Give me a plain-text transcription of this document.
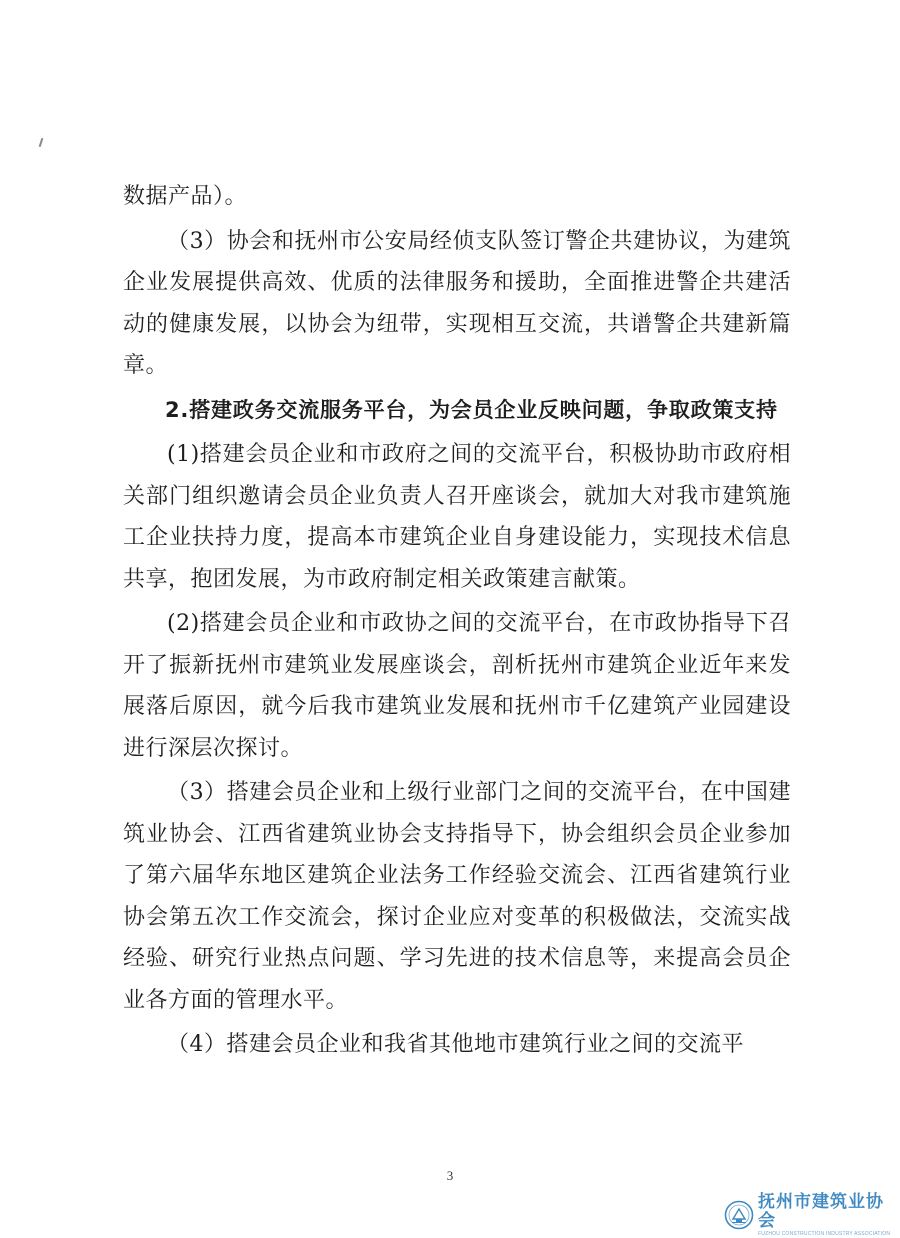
数据产品）。

（3）协会和抚州市公安局经侦支队签订警企共建协议，为建筑企业发展提供高效、优质的法律服务和援助，全面推进警企共建活动的健康发展，以协会为纽带，实现相互交流，共谱警企共建新篇章。

2.搭建政务交流服务平台，为会员企业反映问题，争取政策支持

(1)搭建会员企业和市政府之间的交流平台，积极协助市政府相关部门组织邀请会员企业负责人召开座谈会，就加大对我市建筑施工企业扶持力度，提高本市建筑企业自身建设能力，实现技术信息共享，抱团发展，为市政府制定相关政策建言献策。

(2)搭建会员企业和市政协之间的交流平台，在市政协指导下召开了振新抚州市建筑业发展座谈会，剖析抚州市建筑企业近年来发展落后原因，就今后我市建筑业发展和抚州市千亿建筑产业园建设进行深层次探讨。

（3）搭建会员企业和上级行业部门之间的交流平台，在中国建筑业协会、江西省建筑业协会支持指导下，协会组织会员企业参加了第六届华东地区建筑企业法务工作经验交流会、江西省建筑行业协会第五次工作交流会，探讨企业应对变革的积极做法，交流实战经验、研究行业热点问题、学习先进的技术信息等，来提高会员企业各方面的管理水平。

（4）搭建会员企业和我省其他地市建筑行业之间的交流平

3
抚州市建筑业协会
FUZHOU CONSTRUCTION INDUSTRY ASSOCIATION
